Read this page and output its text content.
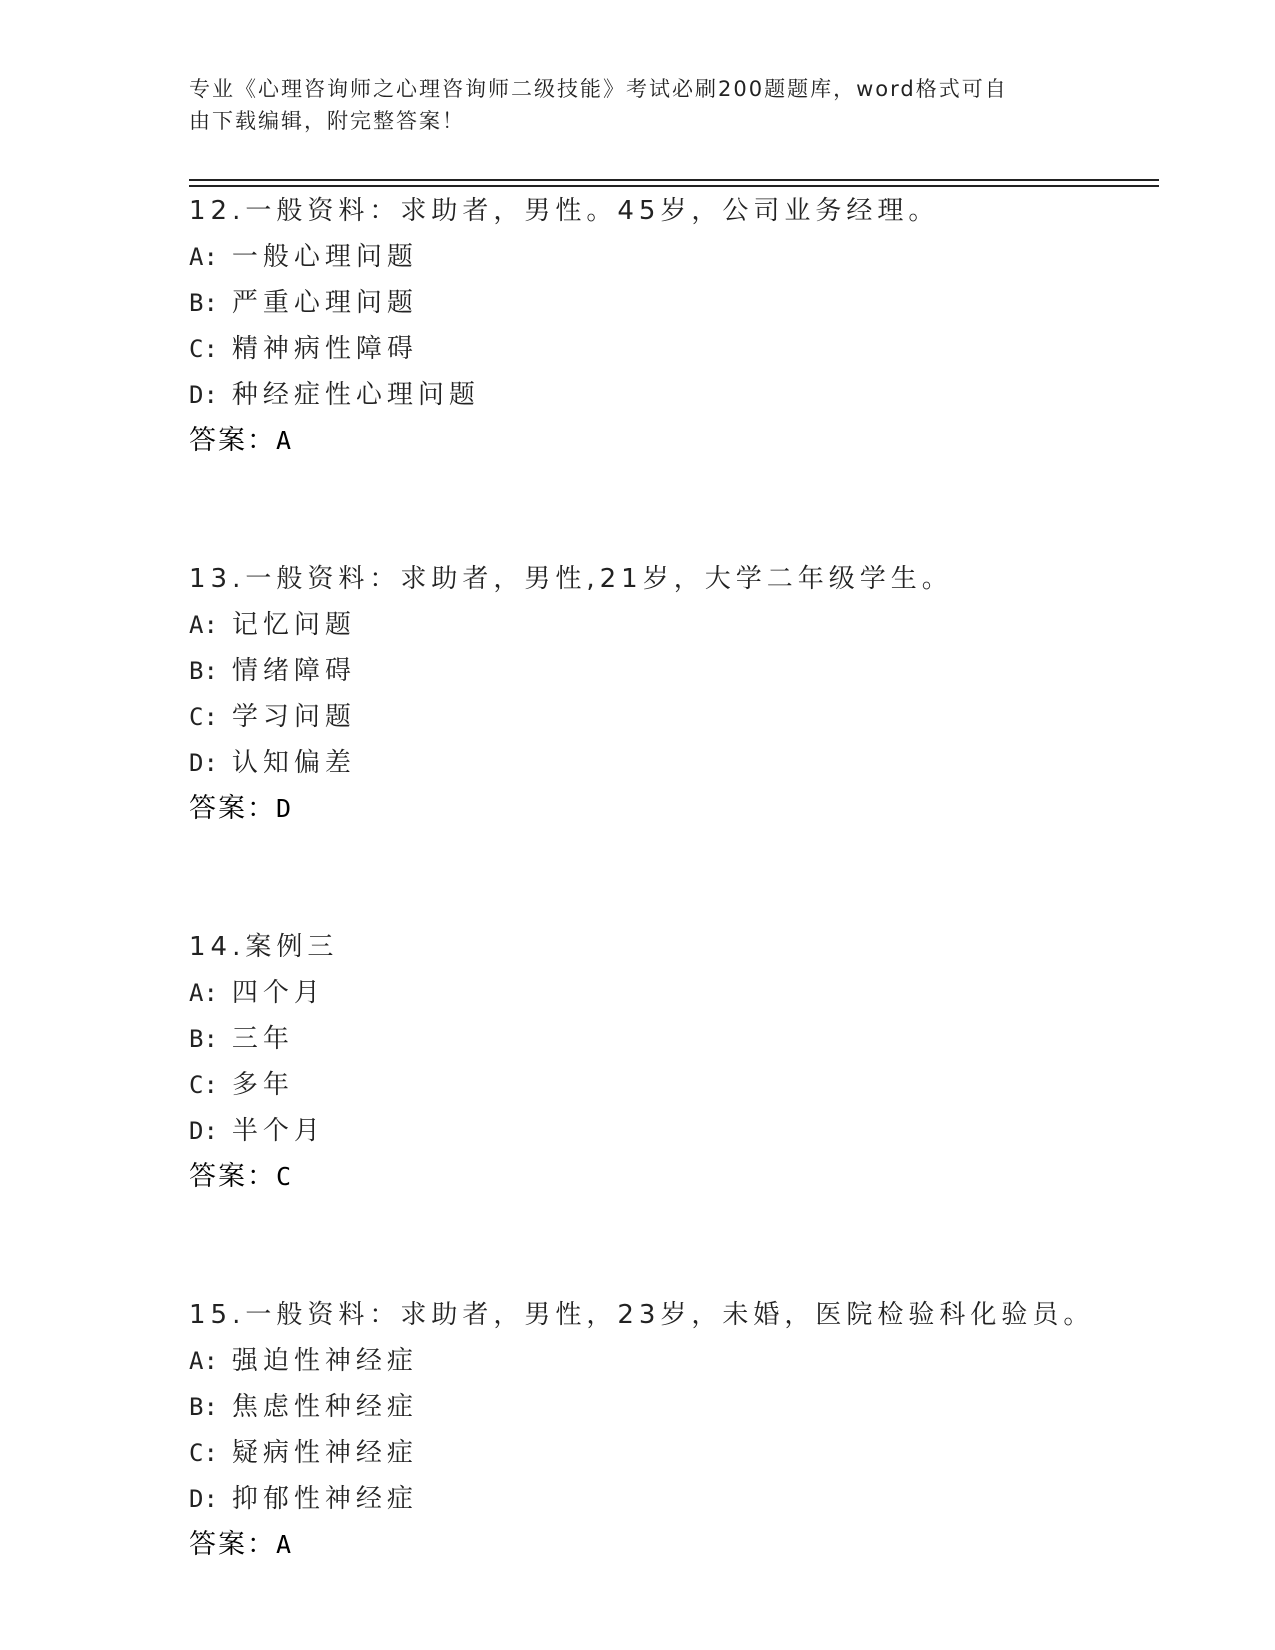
专业《心理咨询师之心理咨询师二级技能》考试必刷200题题库，word格式可自
由下载编辑，附完整答案！
12.一般资料：求助者，男性。45岁，公司业务经理。
A: 一般心理问题
B: 严重心理问题
C: 精神病性障碍
D: 种经症性心理问题
答案：A
13.一般资料：求助者，男性,21岁，大学二年级学生。
A: 记忆问题
B: 情绪障碍
C: 学习问题
D: 认知偏差
答案：D
14.案例三
A: 四个月
B: 三年
C: 多年
D: 半个月
答案：C
15.一般资料：求助者，男性，23岁，未婚，医院检验科化验员。
A: 强迫性神经症
B: 焦虑性种经症
C: 疑病性神经症
D: 抑郁性神经症
答案：A
